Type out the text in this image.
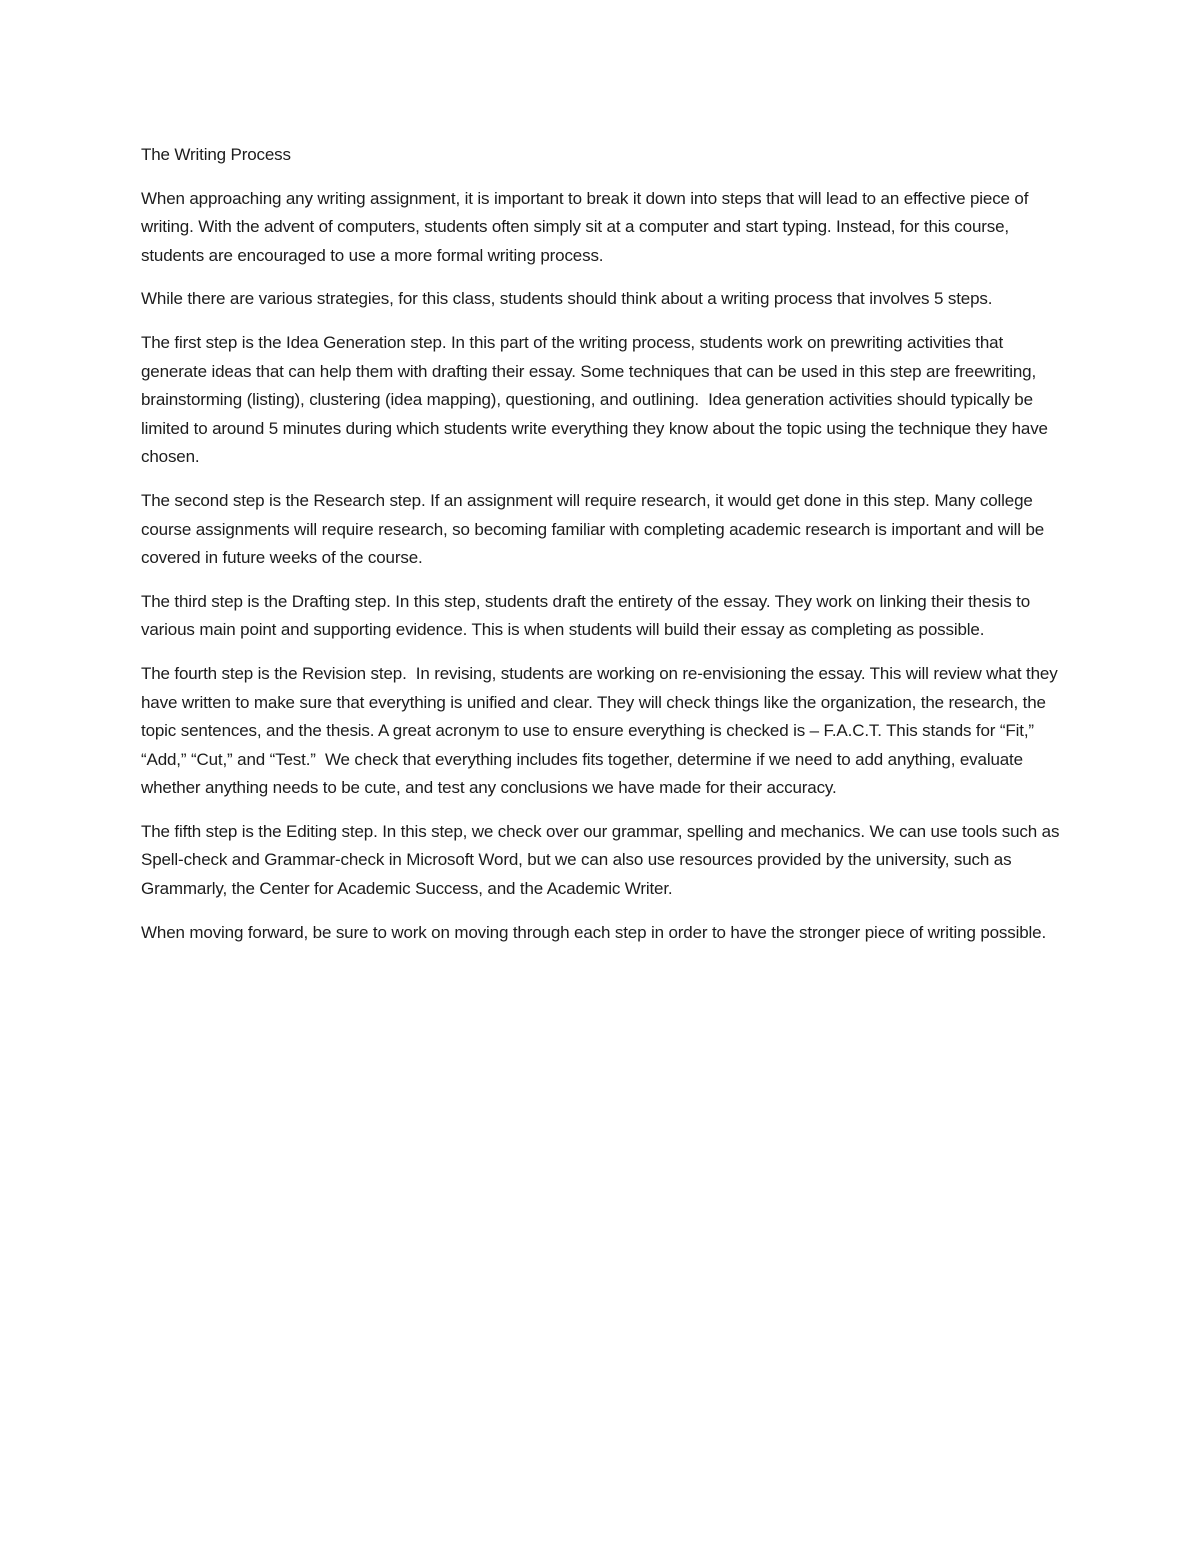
The Writing Process

When approaching any writing assignment, it is important to break it down into steps that will lead to an effective piece of writing. With the advent of computers, students often simply sit at a computer and start typing. Instead, for this course, students are encouraged to use a more formal writing process.

While there are various strategies, for this class, students should think about a writing process that involves 5 steps.

The first step is the Idea Generation step. In this part of the writing process, students work on prewriting activities that generate ideas that can help them with drafting their essay. Some techniques that can be used in this step are freewriting, brainstorming (listing), clustering (idea mapping), questioning, and outlining.  Idea generation activities should typically be limited to around 5 minutes during which students write everything they know about the topic using the technique they have chosen.

The second step is the Research step. If an assignment will require research, it would get done in this step. Many college course assignments will require research, so becoming familiar with completing academic research is important and will be covered in future weeks of the course.

The third step is the Drafting step. In this step, students draft the entirety of the essay. They work on linking their thesis to various main point and supporting evidence. This is when students will build their essay as completing as possible.

The fourth step is the Revision step.  In revising, students are working on re-envisioning the essay. This will review what they have written to make sure that everything is unified and clear. They will check things like the organization, the research, the topic sentences, and the thesis. A great acronym to use to ensure everything is checked is – F.A.C.T. This stands for “Fit,” “Add,” “Cut,” and “Test.”  We check that everything includes fits together, determine if we need to add anything, evaluate whether anything needs to be cute, and test any conclusions we have made for their accuracy.

The fifth step is the Editing step. In this step, we check over our grammar, spelling and mechanics. We can use tools such as Spell-check and Grammar-check in Microsoft Word, but we can also use resources provided by the university, such as Grammarly, the Center for Academic Success, and the Academic Writer.

When moving forward, be sure to work on moving through each step in order to have the stronger piece of writing possible.
